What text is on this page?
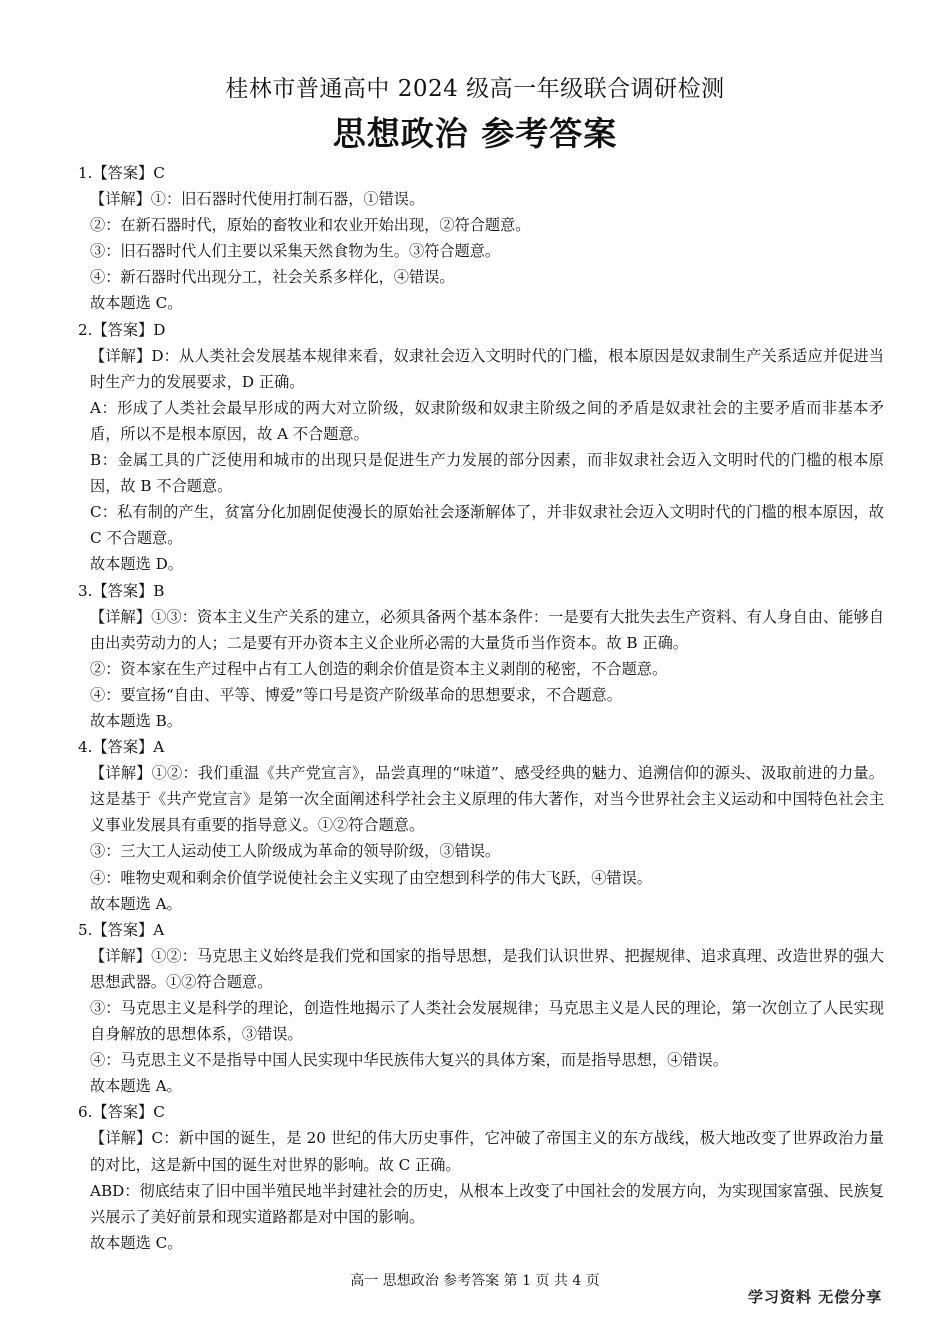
桂林市普通高中 2024 级高一年级联合调研检测
思想政治 参考答案

1.【答案】C

【详解】①：旧石器时代使用打制石器，①错误。

②：在新石器时代，原始的畜牧业和农业开始出现，②符合题意。

③：旧石器时代人们主要以采集天然食物为生。③符合题意。

④：新石器时代出现分工，社会关系多样化，④错误。

故本题选 C。

2.【答案】D

【详解】D：从人类社会发展基本规律来看，奴隶社会迈入文明时代的门槛，根本原因是奴隶制生产关系适应并促进当时生产力的发展要求，D 正确。

A：形成了人类社会最早形成的两大对立阶级，奴隶阶级和奴隶主阶级之间的矛盾是奴隶社会的主要矛盾而非基本矛盾，所以不是根本原因，故 A 不合题意。

B：金属工具的广泛使用和城市的出现只是促进生产力发展的部分因素，而非奴隶社会迈入文明时代的门槛的根本原因，故 B 不合题意。

C：私有制的产生，贫富分化加剧促使漫长的原始社会逐渐解体了，并非奴隶社会迈入文明时代的门槛的根本原因，故 C 不合题意。

故本题选 D。

3.【答案】B

【详解】①③：资本主义生产关系的建立，必须具备两个基本条件：一是要有大批失去生产资料、有人身自由、能够自由出卖劳动力的人；二是要有开办资本主义企业所必需的大量货币当作资本。故 B 正确。

②：资本家在生产过程中占有工人创造的剩余价值是资本主义剥削的秘密，不合题意。

④：要宣扬“自由、平等、博爱”等口号是资产阶级革命的思想要求，不合题意。

故本题选 B。

4.【答案】A

【详解】①②：我们重温《共产党宣言》，品尝真理的“味道”、感受经典的魅力、追溯信仰的源头、汲取前进的力量。这是基于《共产党宣言》是第一次全面阐述科学社会主义原理的伟大著作，对当今世界社会主义运动和中国特色社会主义事业发展具有重要的指导意义。①②符合题意。

③：三大工人运动使工人阶级成为革命的领导阶级，③错误。

④：唯物史观和剩余价值学说使社会主义实现了由空想到科学的伟大飞跃，④错误。

故本题选 A。

5.【答案】A

【详解】①②：马克思主义始终是我们党和国家的指导思想，是我们认识世界、把握规律、追求真理、改造世界的强大思想武器。①②符合题意。

③：马克思主义是科学的理论，创造性地揭示了人类社会发展规律；马克思主义是人民的理论，第一次创立了人民实现自身解放的思想体系，③错误。

④：马克思主义不是指导中国人民实现中华民族伟大复兴的具体方案，而是指导思想，④错误。

故本题选 A。

6.【答案】C

【详解】C：新中国的诞生，是 20 世纪的伟大历史事件，它冲破了帝国主义的东方战线，极大地改变了世界政治力量的对比，这是新中国的诞生对世界的影响。故 C 正确。

ABD：彻底结束了旧中国半殖民地半封建社会的历史，从根本上改变了中国社会的发展方向，为实现国家富强、民族复兴展示了美好前景和现实道路都是对中国的影响。

故本题选 C。

高一 思想政治 参考答案 第 1 页 共 4 页
学习资料 无偿分享
